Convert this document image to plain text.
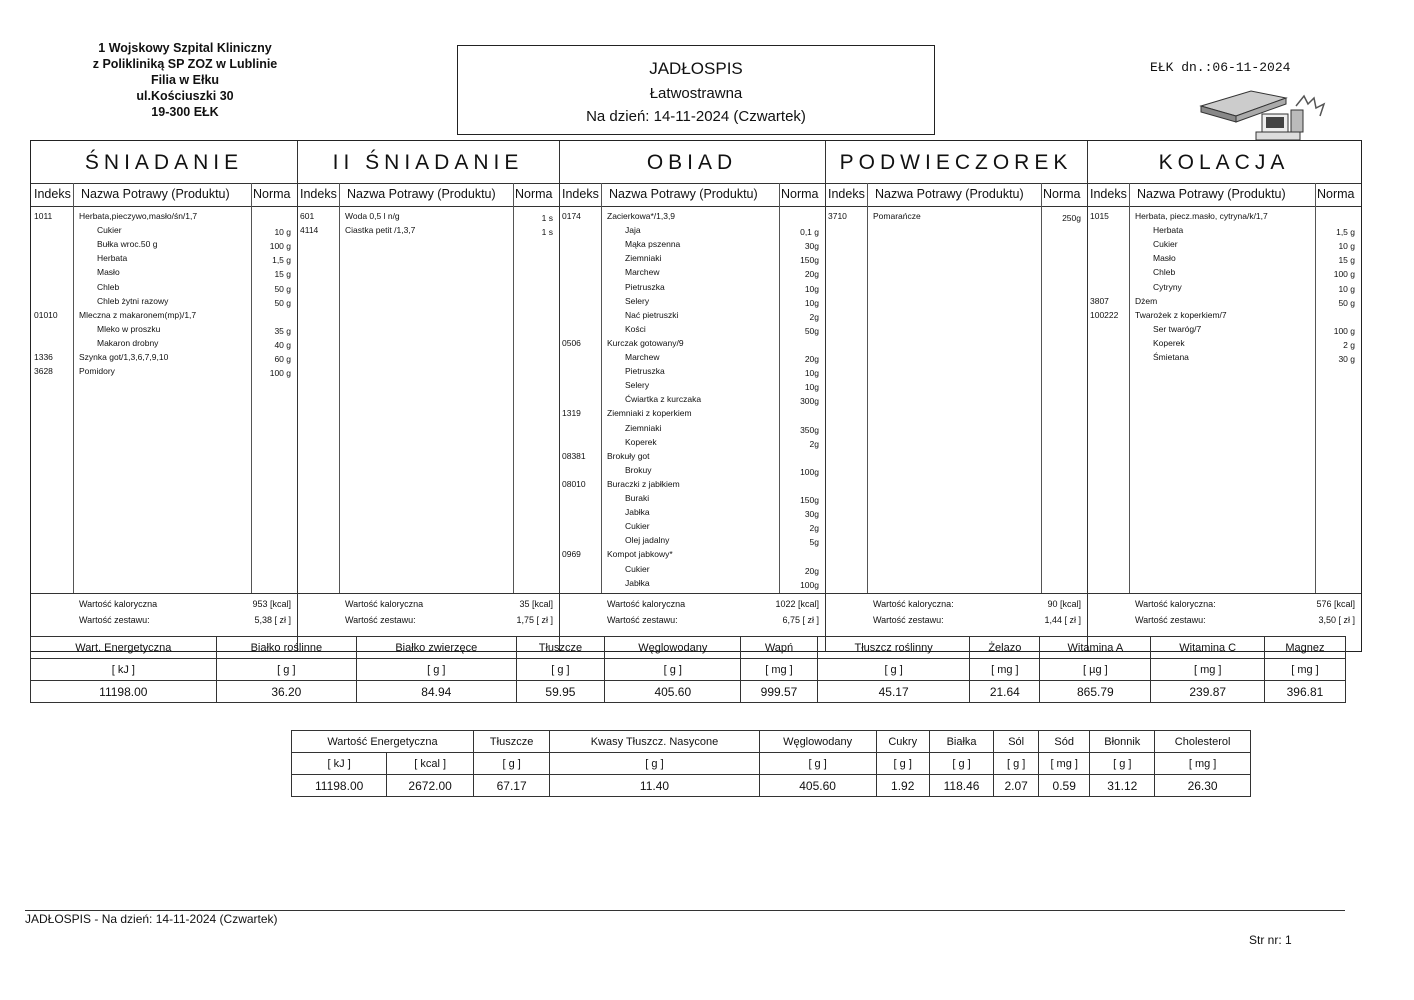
1 Wojskowy Szpital Kliniczny
z Polikliniką SP ZOZ w Lublinie
Filia w Ełku
ul.Kościuszki 30
19-300 EŁK
JADŁOSPIS
Łatwostrawna
Na dzień: 14-11-2024 (Czwartek)
EŁK dn.:06-11-2024
ŚNIADANIE
Indeks Nazwa Potrawy (Produktu) Norma
1011	Herbata,pieczywo,masło/śn/1,7
Cukier	10 g
Bułka wroc.50 g	100 g
Herbata	1,5 g
Masło	15 g
Chleb	50 g
Chleb żytni razowy	50 g
01010	Mleczna z makaronem(mp)/1,7
Mleko w proszku	35 g
Makaron drobny	40 g
1336	Szynka got/1,3,6,7,9,10	60 g
3628	Pomidory	100 g
Wartość kaloryczna	953 [kcal]
Wartość zestawu:	5,38 [ zł ]
II ŚNIADANIE
Indeks Nazwa Potrawy (Produktu) Norma
601	Woda 0,5 l n/g	1 s
4114	Ciastka petit /1,3,7	1 s
Wartość kaloryczna	35 [kcal]
Wartość zestawu:	1,75 [ zł ]
OBIAD
Indeks Nazwa Potrawy (Produktu) Norma
0174	Zacierkowa*/1,3,9
Jaja	0,1 g
Mąka pszenna	30g
Ziemniaki	150g
Marchew	20g
Pietruszka	10g
Selery	10g
Nać pietruszki	2g
Kości	50g
0506	Kurczak gotowany/9
Marchew	20g
Pietruszka	10g
Selery	10g
Ćwiartka z kurczaka	300g
1319	Ziemniaki z koperkiem
Ziemniaki	350g
Koperek	2g
08381	Brokuły got
Brokuy	100g
08010	Buraczki z jabłkiem
Buraki	150g
Jabłka	30g
Cukier	2g
Olej jadalny	5g
0969	Kompot jabkowy*
Cukier	20g
Jabłka	100g
Wartość kaloryczna	1022 [kcal]
Wartość zestawu:	6,75 [ zł ]
PODWIECZOREK
Indeks Nazwa Potrawy (Produktu) Norma
3710	Pomarańcze	250g
Wartość kaloryczna:	90 [kcal]
Wartość zestawu:	1,44 [ zł ]
KOLACJA
Indeks Nazwa Potrawy (Produktu)	Norma
1015	Herbata, piecz.masło, cytryna/k/1,7
Herbata	1,5 g
Cukier	10 g
Masło	15 g
Chleb	100 g
Cytryny	10 g
3807	Dżem	50 g
100222 Twarożek z koperkiem/7
Ser twaróg/7	100 g
Koperek	2 g
Śmietana	30 g
Wartość kaloryczna:	576 [kcal]
Wartość zestawu:	3,50 [ zł ]
Wart. Energetyczna	Białko roślinne	Białko zwierzęce	Tłuszcze	Węglowodany	Wapń	Tłuszcz roślinny	Żelazo	Witamina A	Witamina C	Magnez
[ kJ ]	[ g ]	[ g ]	[ g ]	[ g ]	[ mg ]	[ g ]	[ mg ]	[ µg ]	[ mg ]	[ mg ]
11198.00	36.20	84.94	59.95	405.60	999.57	45.17	21.64	865.79	239.87	396.81
Wartość Energetyczna		Tłuszcze	Kwasy Tłuszcz. Nasycone	Węglowodany	Cukry	Białka	Sól	Sód	Błonnik	Cholesterol
[ kJ ]	[ kcal ]	[ g ]	[ g ]	[ g ]	[ g ]	[ g ]	[ g ]	[ mg ]	[ g ]	[ mg ]
11198.00	2672.00	67.17	11.40	405.60	1.92	118.46	2.07	0.59	31.12	26.30
JADŁOSPIS - Na dzień: 14-11-2024 (Czwartek)
Str nr: 1
